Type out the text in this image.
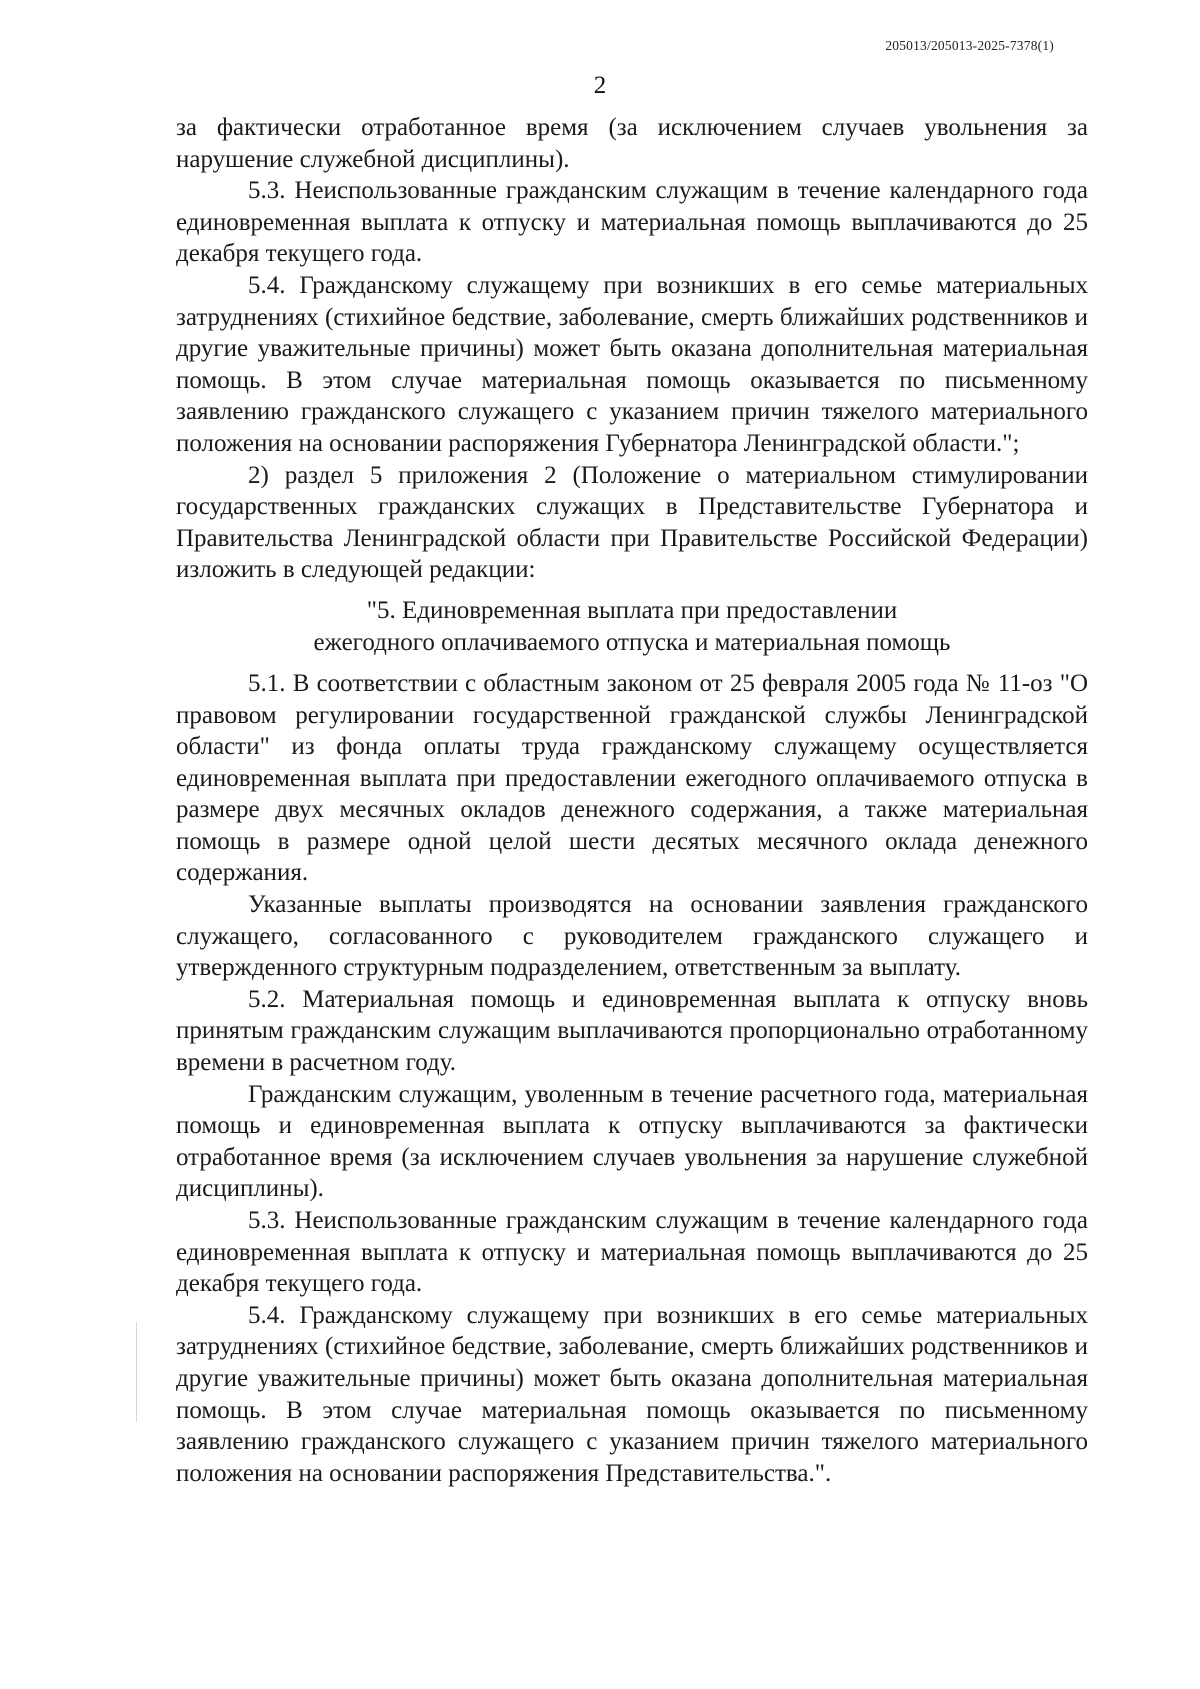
205013/205013-2025-7378(1)
2

за фактически отработанное время (за исключением случаев увольнения за нарушение служебной дисциплины).

5.3. Неиспользованные гражданским служащим в течение календарного года единовременная выплата к отпуску и материальная помощь выплачиваются до 25 декабря текущего года.

5.4. Гражданскому служащему при возникших в его семье материальных затруднениях (стихийное бедствие, заболевание, смерть ближайших родственников и другие уважительные причины) может быть оказана дополнительная материальная помощь. В этом случае материальная помощь оказывается по письменному заявлению гражданского служащего с указанием причин тяжелого материального положения на основании распоряжения Губернатора Ленинградской области.";

2) раздел 5 приложения 2 (Положение о материальном стимулировании государственных гражданских служащих в Представительстве Губернатора и Правительства Ленинградской области при Правительстве Российской Федерации) изложить в следующей редакции:

"5. Единовременная выплата при предоставлении
ежегодного оплачиваемого отпуска и материальная помощь

5.1. В соответствии с областным законом от 25 февраля 2005 года № 11-оз "О правовом регулировании государственной гражданской службы Ленинградской области" из фонда оплаты труда гражданскому служащему осуществляется единовременная выплата при предоставлении ежегодного оплачиваемого отпуска в размере двух месячных окладов денежного содержания, а также материальная помощь в размере одной целой шести десятых месячного оклада денежного содержания.

Указанные выплаты производятся на основании заявления гражданского служащего, согласованного с руководителем гражданского служащего и утвержденного структурным подразделением, ответственным за выплату.

5.2. Материальная помощь и единовременная выплата к отпуску вновь принятым гражданским служащим выплачиваются пропорционально отработанному времени в расчетном году.

Гражданским служащим, уволенным в течение расчетного года, материальная помощь и единовременная выплата к отпуску выплачиваются за фактически отработанное время (за исключением случаев увольнения за нарушение служебной дисциплины).

5.3. Неиспользованные гражданским служащим в течение календарного года единовременная выплата к отпуску и материальная помощь выплачиваются до 25 декабря текущего года.

5.4. Гражданскому служащему при возникших в его семье материальных затруднениях (стихийное бедствие, заболевание, смерть ближайших родственников и другие уважительные причины) может быть оказана дополнительная материальная помощь. В этом случае материальная помощь оказывается по письменному заявлению гражданского служащего с указанием причин тяжелого материального положения на основании распоряжения Представительства.".
